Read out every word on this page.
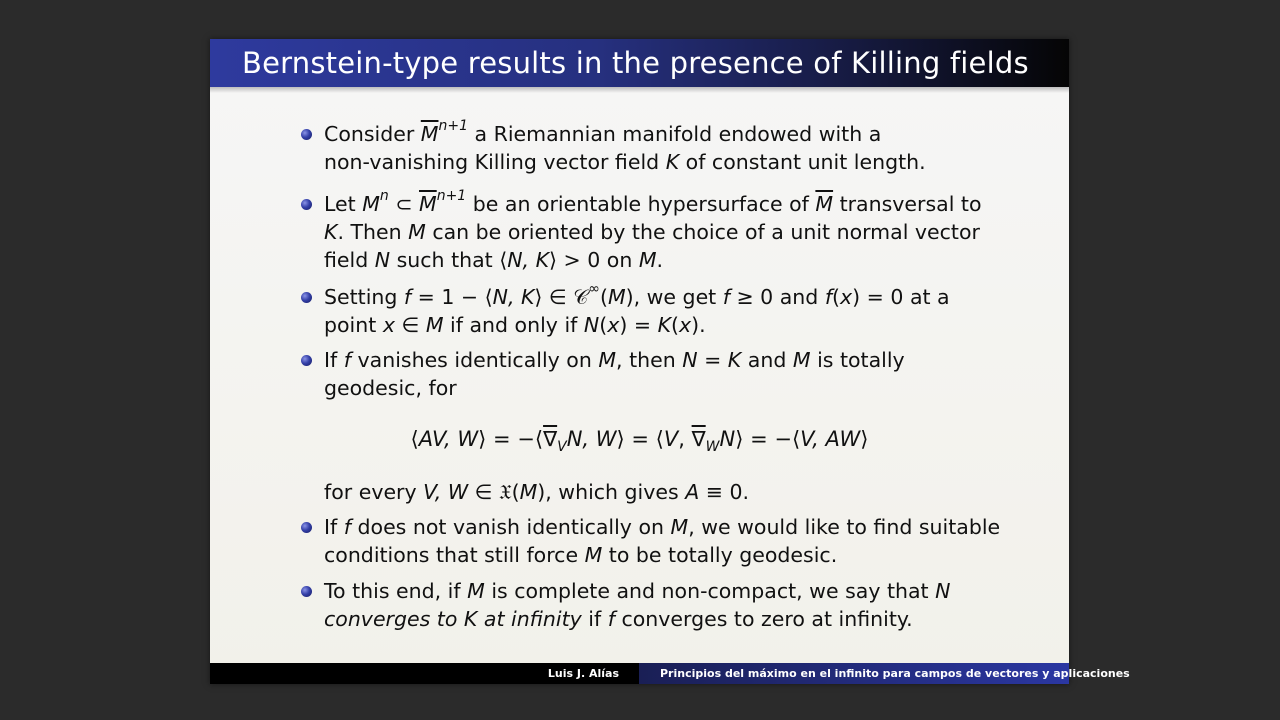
Bernstein-type results in the presence of Killing fields
Consider $\overline{M}^{n+1}$ a Riemannian manifold endowed with a
non-vanishing Killing vector field K of constant unit length.
Let $M^n$ ⊂ $\overline{M}^{n+1}$ be an orientable hypersurface of $\overline{M}$ transversal to
K. Then M can be oriented by the choice of a unit normal vector
field N such that ⟨N, K⟩ > 0 on M.
Setting f = 1 − ⟨N, K⟩ ∈ 𝒞∞(M), we get f ≥ 0 and f(x) = 0 at a
point x ∈ M if and only if N(x) = K(x).
If f vanishes identically on M, then N = K and M is totally
geodesic, for
⟨AV, W⟩ = $-⟨\nabla_VN$, W⟩ = ⟨V, $\nabla_WN⟩$ = −⟨V, AW⟩
for every V, W ∈ 𝔛(M), which gives A ≡ 0.
If f does not vanish identically on M, we would like to find suitable
conditions that still force M to be totally geodesic.
To this end, if M is complete and non-compact, we say that N
converges to K at infinity if f converges to zero at infinity.
Luis J. Alías	Principios del máximo en el infinito para campos de vectores y aplicaciones
